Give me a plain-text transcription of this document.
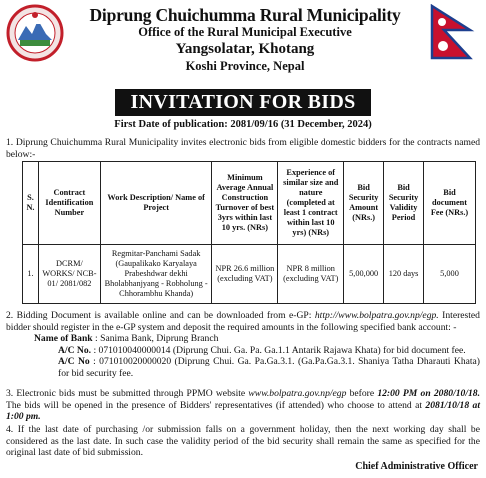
Diprung Chuichumma Rural Municipality
Office of the Rural Municipal Executive
Yangsolatar, Khotang
Koshi Province, Nepal
INVITATION FOR BIDS
First Date of publication: 2081/09/16 (31 December, 2024)
1. Diprung Chuichumma Rural Municipality invites electronic bids from eligible domestic bidders for the contracts named below:-
S. N.	Contract Identification Number	Work Description/ Name of Project	Minimum Average Annual Construction Turnover of best 3yrs within last 10 yrs. (NRs)	Experience of similar size and nature (completed at least 1 contract within last 10 yrs) (NRs)	Bid Security Amount (NRs.)	Bid Security Validity Period	Bid document Fee (NRs.)
1.	DCRM/ WORKS/ NCB-01/ 2081/082	Regmitar-Panchami Sadak (Gaupalikako Karyalaya Prabeshdwar dekhi Bholabhanjyang - Robholung - Chhorambhu Khanda)	NPR 26.6 million (excluding VAT)	NPR 8 million (excluding VAT)	5,00,000	120 days	5,000
2. Bidding Document is available online and can be downloaded from e-GP: http://www.bolpatra.gov.np/egp. Interested bidder should register in the e-GP system and deposit the required amounts in the following specified bank account: -
Name of Bank : Sanima Bank, Diprung Branch
A/C No. : 071010040000014 (Diprung Chui. Ga. Pa. Ga.1.1 Antarik Rajawa Khata) for bid document fee.
A/C No : 071010020000020 (Diprung Chui. Ga. Pa.Ga.3.1. (Ga.Pa.Ga.3.1. Shaniya Tatha Dharauti Khata) for bid security fee.
3. Electronic bids must be submitted through PPMO website www.bolpatra.gov.np/egp before 12:00 PM on 2080/10/18. The bids will be opened in the presence of Bidders' representatives (if attended) who choose to attend at 2081/10/18 at 1:00 pm.
4. If the last date of purchasing /or submission falls on a government holiday, then the next working day shall be considered as the last date. In such case the validity period of the bid security shall remain the same as specified for the original last date of bid submission.
Chief Administrative Officer
